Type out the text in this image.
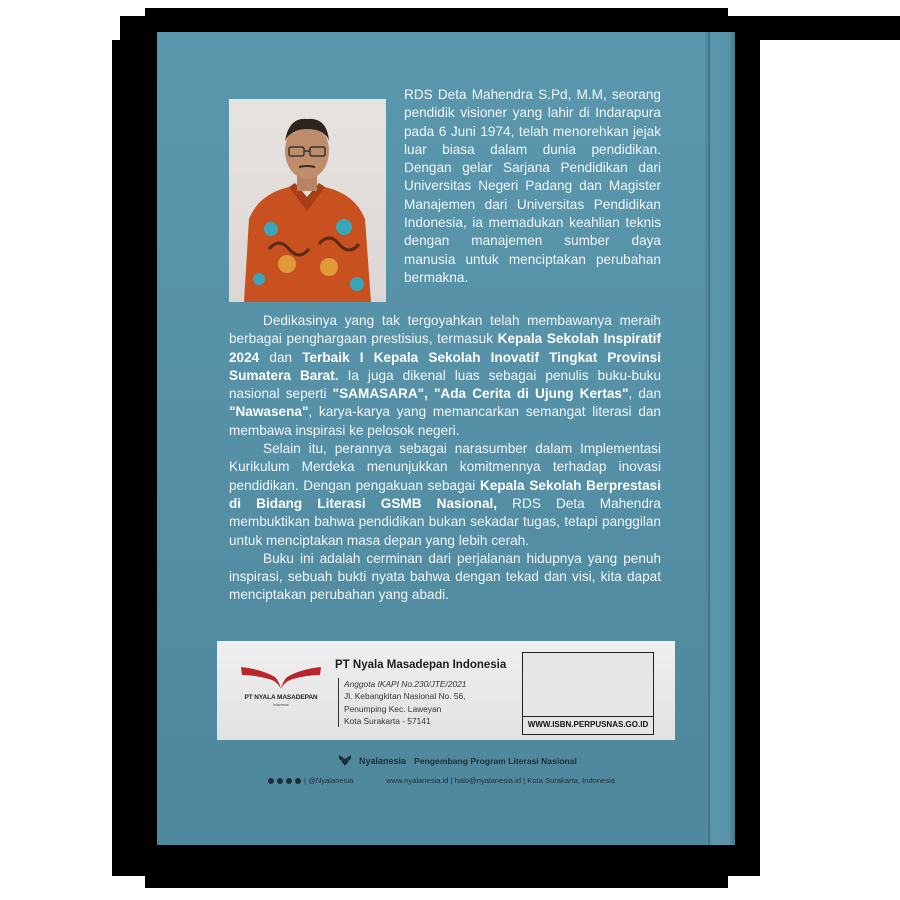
RDS Deta Mahendra S.Pd, M.M, seorang pendidik visioner yang lahir di Indarapura pada 6 Juni 1974, telah menorehkan jejak luar biasa dalam dunia pendidikan. Dengan gelar Sarjana Pendidikan dari Universitas Negeri Padang dan Magister Manajemen dari Universitas Pendidikan Indonesia, ia memadukan keahlian teknis dengan manajemen sumber daya manusia untuk menciptakan perubahan bermakna.

Dedikasinya yang tak tergoyahkan telah membawanya meraih berbagai penghargaan prestisius, termasuk Kepala Sekolah Inspiratif 2024 dan Terbaik I Kepala Sekolah Inovatif Tingkat Provinsi Sumatera Barat. Ia juga dikenal luas sebagai penulis buku-buku nasional seperti "SAMASARA", "Ada Cerita di Ujung Kertas", dan "Nawasena", karya-karya yang memancarkan semangat literasi dan membawa inspirasi ke pelosok negeri.

Selain itu, perannya sebagai narasumber dalam Implementasi Kurikulum Merdeka menunjukkan komitmennya terhadap inovasi pendidikan. Dengan pengakuan sebagai Kepala Sekolah Berprestasi di Bidang Literasi GSMB Nasional, RDS Deta Mahendra membuktikan bahwa pendidikan bukan sekadar tugas, tetapi panggilan untuk menciptakan masa depan yang lebih cerah.

Buku ini adalah cerminan dari perjalanan hidupnya yang penuh inspirasi, sebuah bukti nyata bahwa dengan tekad dan visi, kita dapat menciptakan perubahan yang abadi.

PT NYALA MASADEPAN
Indonesia
PT Nyala Masadepan Indonesia
Anggota IKAPI No.230/JTE/2021
Jl. Kebangkitan Nasional No. 56,
Penumping Kec. Laweyan
Kota Surakarta - 57141	WWW.ISBN.PERPUSNAS.GO.ID
Nyalanesia Pengembang Program Literasi Nasional
| @Nyalanesia	www.nyalanesia.id | halo@nyalanesia.id | Kota Surakarta, Indonesia
